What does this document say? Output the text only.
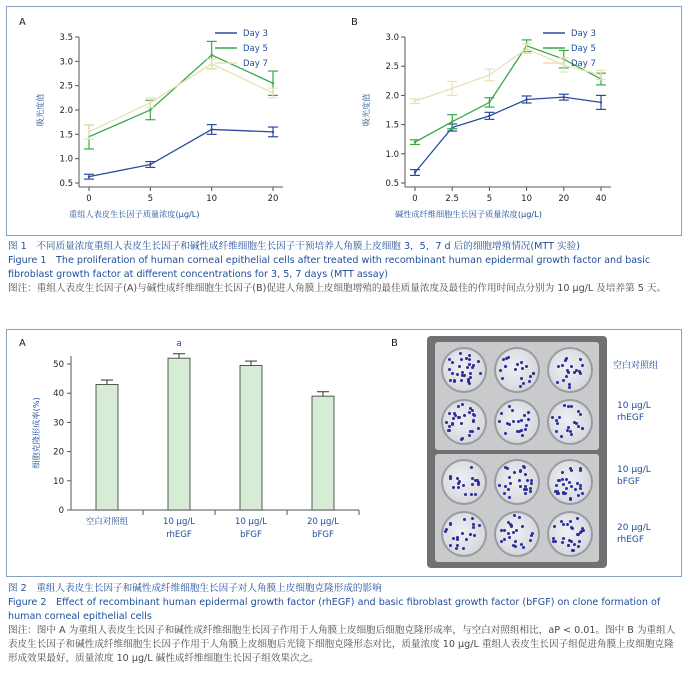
A
0.5
1.0
1.5
2.0
2.5
3.0
3.5
0	5	10	20
重组人表皮生长因子质量浓度(μg/L)
吸光度值
Day 3
Day 5
Day 7
B
0.5
1.0
1.5
2.0
2.5
3.0
0	2.5	5	10	20	40
碱性成纤维细胞生长因子质量浓度(μg/L)
吸光度值
Day 3
Day 5
Day 7

图 1　不同质量浓度重组人表皮生长因子和碱性成纤维细胞生长因子干预培养人角膜上皮细胞 3，5，7 d 后的细胞增殖情况(MTT 实验)

Figure 1　The proliferation of human corneal epithelial cells after treated with recombinant human epidermal growth factor and basic fibroblast growth factor at different concentrations for 3, 5, 7 days (MTT assay)

图注：重组人表皮生长因子(A)与碱性成纤维细胞生长因子(B)促进人角膜上皮细胞增殖的最佳质量浓度及最佳的作用时间点分别为 10 μg/L 及培养第 5 天。

A
0
10
20
30
40
50
细胞克隆形成率(%)
空白对照组	10 μg/L
rhEGF
a
10 μg/L
bFGF
20 μg/L
bFGF
B
空白对照组
10 μg/L
rhEGF
10 μg/L
bFGF
20 μg/L
rhEGF

图 2　重组人表皮生长因子和碱性成纤维细胞生长因子对人角膜上皮细胞克隆形成的影响

Figure 2　Effect of recombinant human epidermal growth factor (rhEGF) and basic fibroblast growth factor (bFGF) on clone formation of human corneal epithelial cells

图注：图中 A 为重组人表皮生长因子和碱性成纤维细胞生长因子作用于人角膜上皮细胞后细胞克隆形成率，与空白对照组相比，aP < 0.01。图中 B 为重组人表皮生长因子和碱性成纤维细胞生长因子作用于人角膜上皮细胞后光镜下细胞克隆形态对比，质量浓度 10 μg/L 重组人表皮生长因子组促进角膜上皮细胞克隆形成效果最好，质量浓度 10 μg/L 碱性成纤维细胞生长因子组效果次之。
